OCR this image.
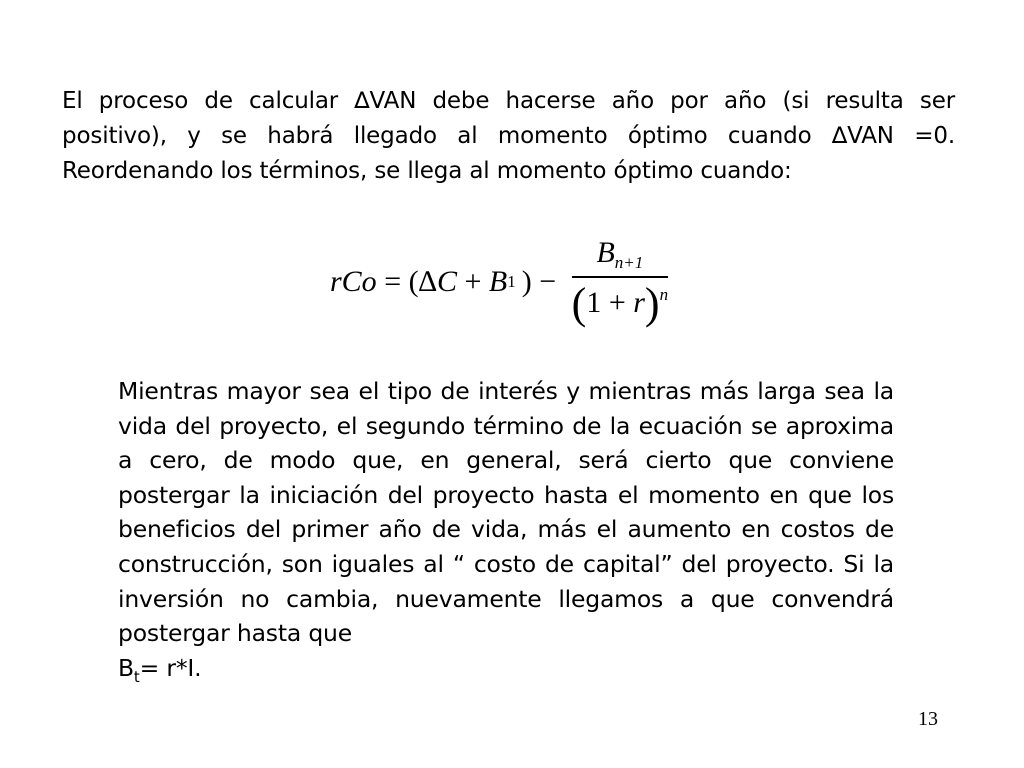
El proceso de calcular ∆VAN debe hacerse año por año (si resulta ser positivo), y se habrá llegado al momento óptimo cuando ∆VAN =0. Reordenando los términos, se llega al momento óptimo cuando:

rCo = ( ∆ C + B 1 ) − $\frac{B_{n+1}}{(1 + r)^n}$

Mientras mayor sea el tipo de interés y mientras más larga sea la vida del proyecto, el segundo término de la ecuación se aproxima a cero, de modo que, en general, será cierto que conviene postergar la iniciación del proyecto hasta el momento en que los beneficios del primer año de vida, más el aumento en costos de construcción, son iguales al “ costo de capital” del proyecto. Si la inversión no cambia, nuevamente llegamos a que convendrá postergar hasta que
$B_t= r*I$.

13
